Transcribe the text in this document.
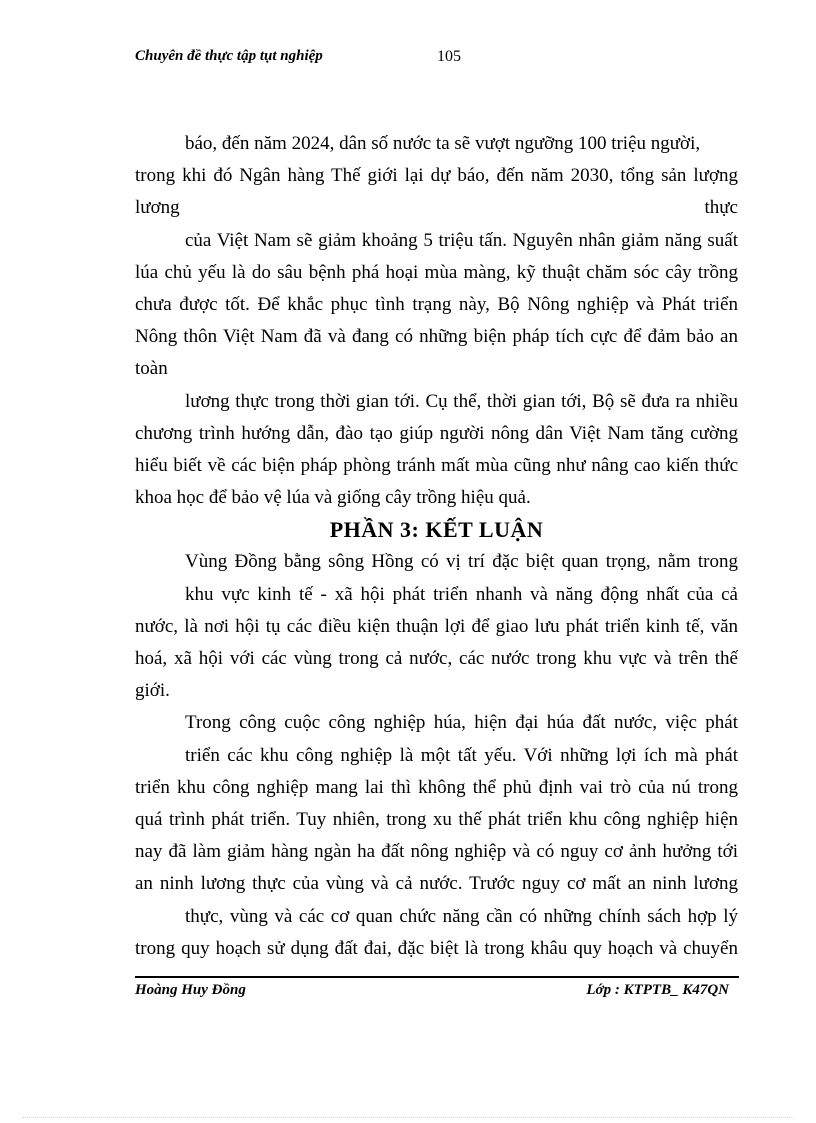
Chuyên đề thực tập tụt nghiệp	105
báo, đến năm 2024, dân số nước ta sẽ vượt ngưỡng 100 triệu người,
trong khi đó Ngân hàng Thế giới lại dự báo, đến năm 2030, tổng sản lượng
lương	thực
của Việt Nam sẽ giảm khoảng 5 triệu tấn. Nguyên nhân giảm năng suất
lúa chủ yếu là do sâu bệnh phá hoại mùa màng, kỹ thuật chăm sóc cây trồng
chưa được tốt. Để khắc phục tình trạng này, Bộ Nông nghiệp và Phát triển
Nông thôn Việt Nam đã và đang có những biện pháp tích cực để đảm bảo an
toàn
lương thực trong thời gian tới. Cụ thể, thời gian tới, Bộ sẽ đưa ra nhiều
chương trình hướng dẫn, đào tạo giúp người nông dân Việt Nam tăng cường
hiểu biết về các biện pháp phòng tránh mất mùa cũng như nâng cao kiến thức
khoa học để bảo vệ lúa và giống cây trồng hiệu quả.
PHẦN 3: KẾT LUẬN
Vùng Đồng bằng sông Hồng có vị trí đặc biệt quan trọng, nằm trong
khu vực kinh tế - xã hội phát triển nhanh và năng động nhất của cả
nước, là nơi hội tụ các điều kiện thuận lợi để giao lưu phát triển kinh tế, văn
hoá, xã hội với các vùng trong cả nước, các nước trong khu vực và trên thế
giới.
Trong công cuộc công nghiệp húa, hiện đại húa đất nước, việc phát
triển các khu công nghiệp là một tất yếu. Với những lợi ích mà phát
triển khu công nghiệp mang lai thì không thể phủ định vai trò của nú trong
quá trình phát triển. Tuy nhiên, trong xu thế phát triển khu công nghiệp hiện
nay đã làm giảm hàng ngàn ha đất nông nghiệp và có nguy cơ ảnh hưởng tới
an ninh lương thực của vùng và cả nước. Trước nguy cơ mất an ninh lương
thực, vùng và các cơ quan chức năng cần có những chính sách hợp lý
trong quy hoạch sử dụng đất đai, đặc biệt là trong khâu quy hoạch và chuyển
Hoàng Huy Đồng	Lớp : KTPTB_ K47QN
